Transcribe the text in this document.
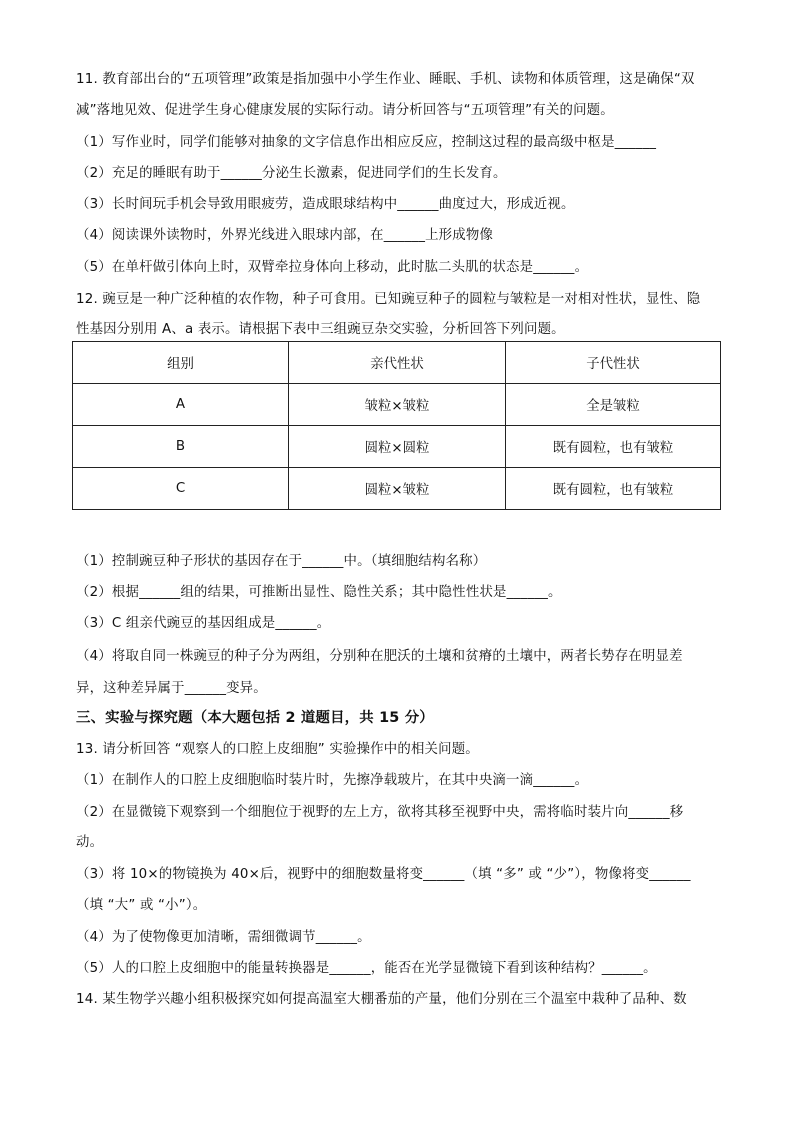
11. 教育部出台的“五项管理”政策是指加强中小学生作业、睡眠、手机、读物和体质管理，这是确保“双
减”落地见效、促进学生身心健康发展的实际行动。请分析回答与“五项管理”有关的问题。
（1）写作业时，同学们能够对抽象的文字信息作出相应反应，控制这过程的最高级中枢是______
（2）充足的睡眠有助于______分泌生长激素，促进同学们的生长发育。
（3）长时间玩手机会导致用眼疲劳，造成眼球结构中______曲度过大，形成近视。
（4）阅读课外读物时，外界光线进入眼球内部，在______上形成物像
（5）在单杆做引体向上时，双臂牵拉身体向上移动，此时肱二头肌的状态是______。
12. 豌豆是一种广泛种植的农作物，种子可食用。已知豌豆种子的圆粒与皱粒是一对相对性状，显性、隐
性基因分别用 A、a 表示。请根据下表中三组豌豆杂交实验，分析回答下列问题。
组别	亲代性状	子代性状
A	皱粒×皱粒	全是皱粒
B	圆粒×圆粒	既有圆粒，也有皱粒
C	圆粒×皱粒	既有圆粒，也有皱粒
（1）控制豌豆种子形状的基因存在于______中。（填细胞结构名称）
（2）根据______组的结果，可推断出显性、隐性关系；其中隐性性状是______。
（3）C 组亲代豌豆的基因组成是______。
（4）将取自同一株豌豆的种子分为两组，分别种在肥沃的土壤和贫瘠的土壤中，两者长势存在明显差
异，这种差异属于______变异。
三、实验与探究题（本大题包括 2 道题目，共 15 分）
13. 请分析回答 “观察人的口腔上皮细胞” 实验操作中的相关问题。
（1）在制作人的口腔上皮细胞临时装片时，先擦净载玻片，在其中央滴一滴______。
（2）在显微镜下观察到一个细胞位于视野的左上方，欲将其移至视野中央，需将临时装片向______移
动。
（3）将 10×的物镜换为 40×后，视野中的细胞数量将变______（填 “多” 或 “少”），物像将变______
（填 “大” 或 “小”）。
（4）为了使物像更加清晰，需细微调节______。
（5）人的口腔上皮细胞中的能量转换器是______，能否在光学显微镜下看到该种结构？______。
14. 某生物学兴趣小组积极探究如何提高温室大棚番茄的产量，他们分别在三个温室中栽种了品种、数
